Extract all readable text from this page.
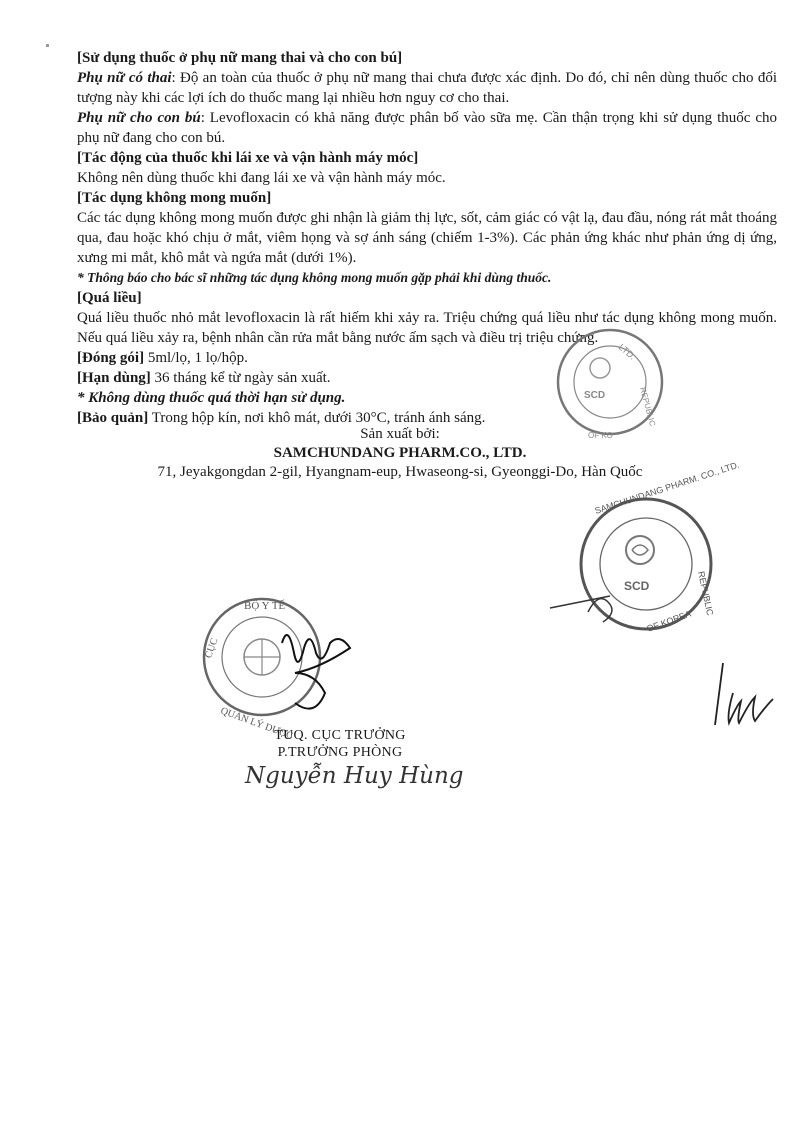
[Sử dụng thuốc ở phụ nữ mang thai và cho con bú]

Phụ nữ có thai: Độ an toàn của thuốc ở phụ nữ mang thai chưa được xác định. Do đó, chỉ nên dùng thuốc cho đối tượng này khi các lợi ích do thuốc mang lại nhiều hơn nguy cơ cho thai.

Phụ nữ cho con bú: Levofloxacin có khả năng được phân bố vào sữa mẹ. Cần thận trọng khi sử dụng thuốc cho phụ nữ đang cho con bú.

[Tác động của thuốc khi lái xe và vận hành máy móc]

Không nên dùng thuốc khi đang lái xe và vận hành máy móc.

[Tác dụng không mong muốn]

Các tác dụng không mong muốn được ghi nhận là giảm thị lực, sốt, cảm giác có vật lạ, đau đầu, nóng rát mắt thoáng qua, đau hoặc khó chịu ở mắt, viêm họng và sợ ánh sáng (chiếm 1-3%). Các phản ứng khác như phản ứng dị ứng, xưng mi mắt, khô mắt và ngứa mắt (dưới 1%).

* Thông báo cho bác sĩ những tác dụng không mong muốn gặp phải khi dùng thuốc.

[Quá liều]

Quá liều thuốc nhỏ mắt levofloxacin là rất hiếm khi xảy ra. Triệu chứng quá liều như tác dụng không mong muốn. Nếu quá liều xảy ra, bệnh nhân cần rửa mắt bằng nước ấm sạch và điều trị triệu chứng.

[Đóng gói] 5ml/lọ, 1 lọ/hộp.

[Hạn dùng] 36 tháng kể từ ngày sản xuất.

* Không dùng thuốc quá thời hạn sử dụng.

[Bảo quản] Trong hộp kín, nơi khô mát, dưới 30°C, tránh ánh sáng.

Sản xuất bởi:
SAMCHUNDANG PHARM.CO., LTD.
71, Jeyakgongdan 2-gil, Hyangnam-eup, Hwaseong-si, Gyeonggi-Do, Hàn Quốc
SCD
LTD.
REPUBLIC
OF KO
SCD
SAMCHUNDANG PHARM. CO., LTD.
REPUBLIC
OF KOREA
BỘ Y TẾ
CỤC
QUẢN LÝ DƯỢC
TUQ. CỤC TRƯỞNG
P.TRƯỞNG PHÒNG
Nguyễn Huy Hùng
